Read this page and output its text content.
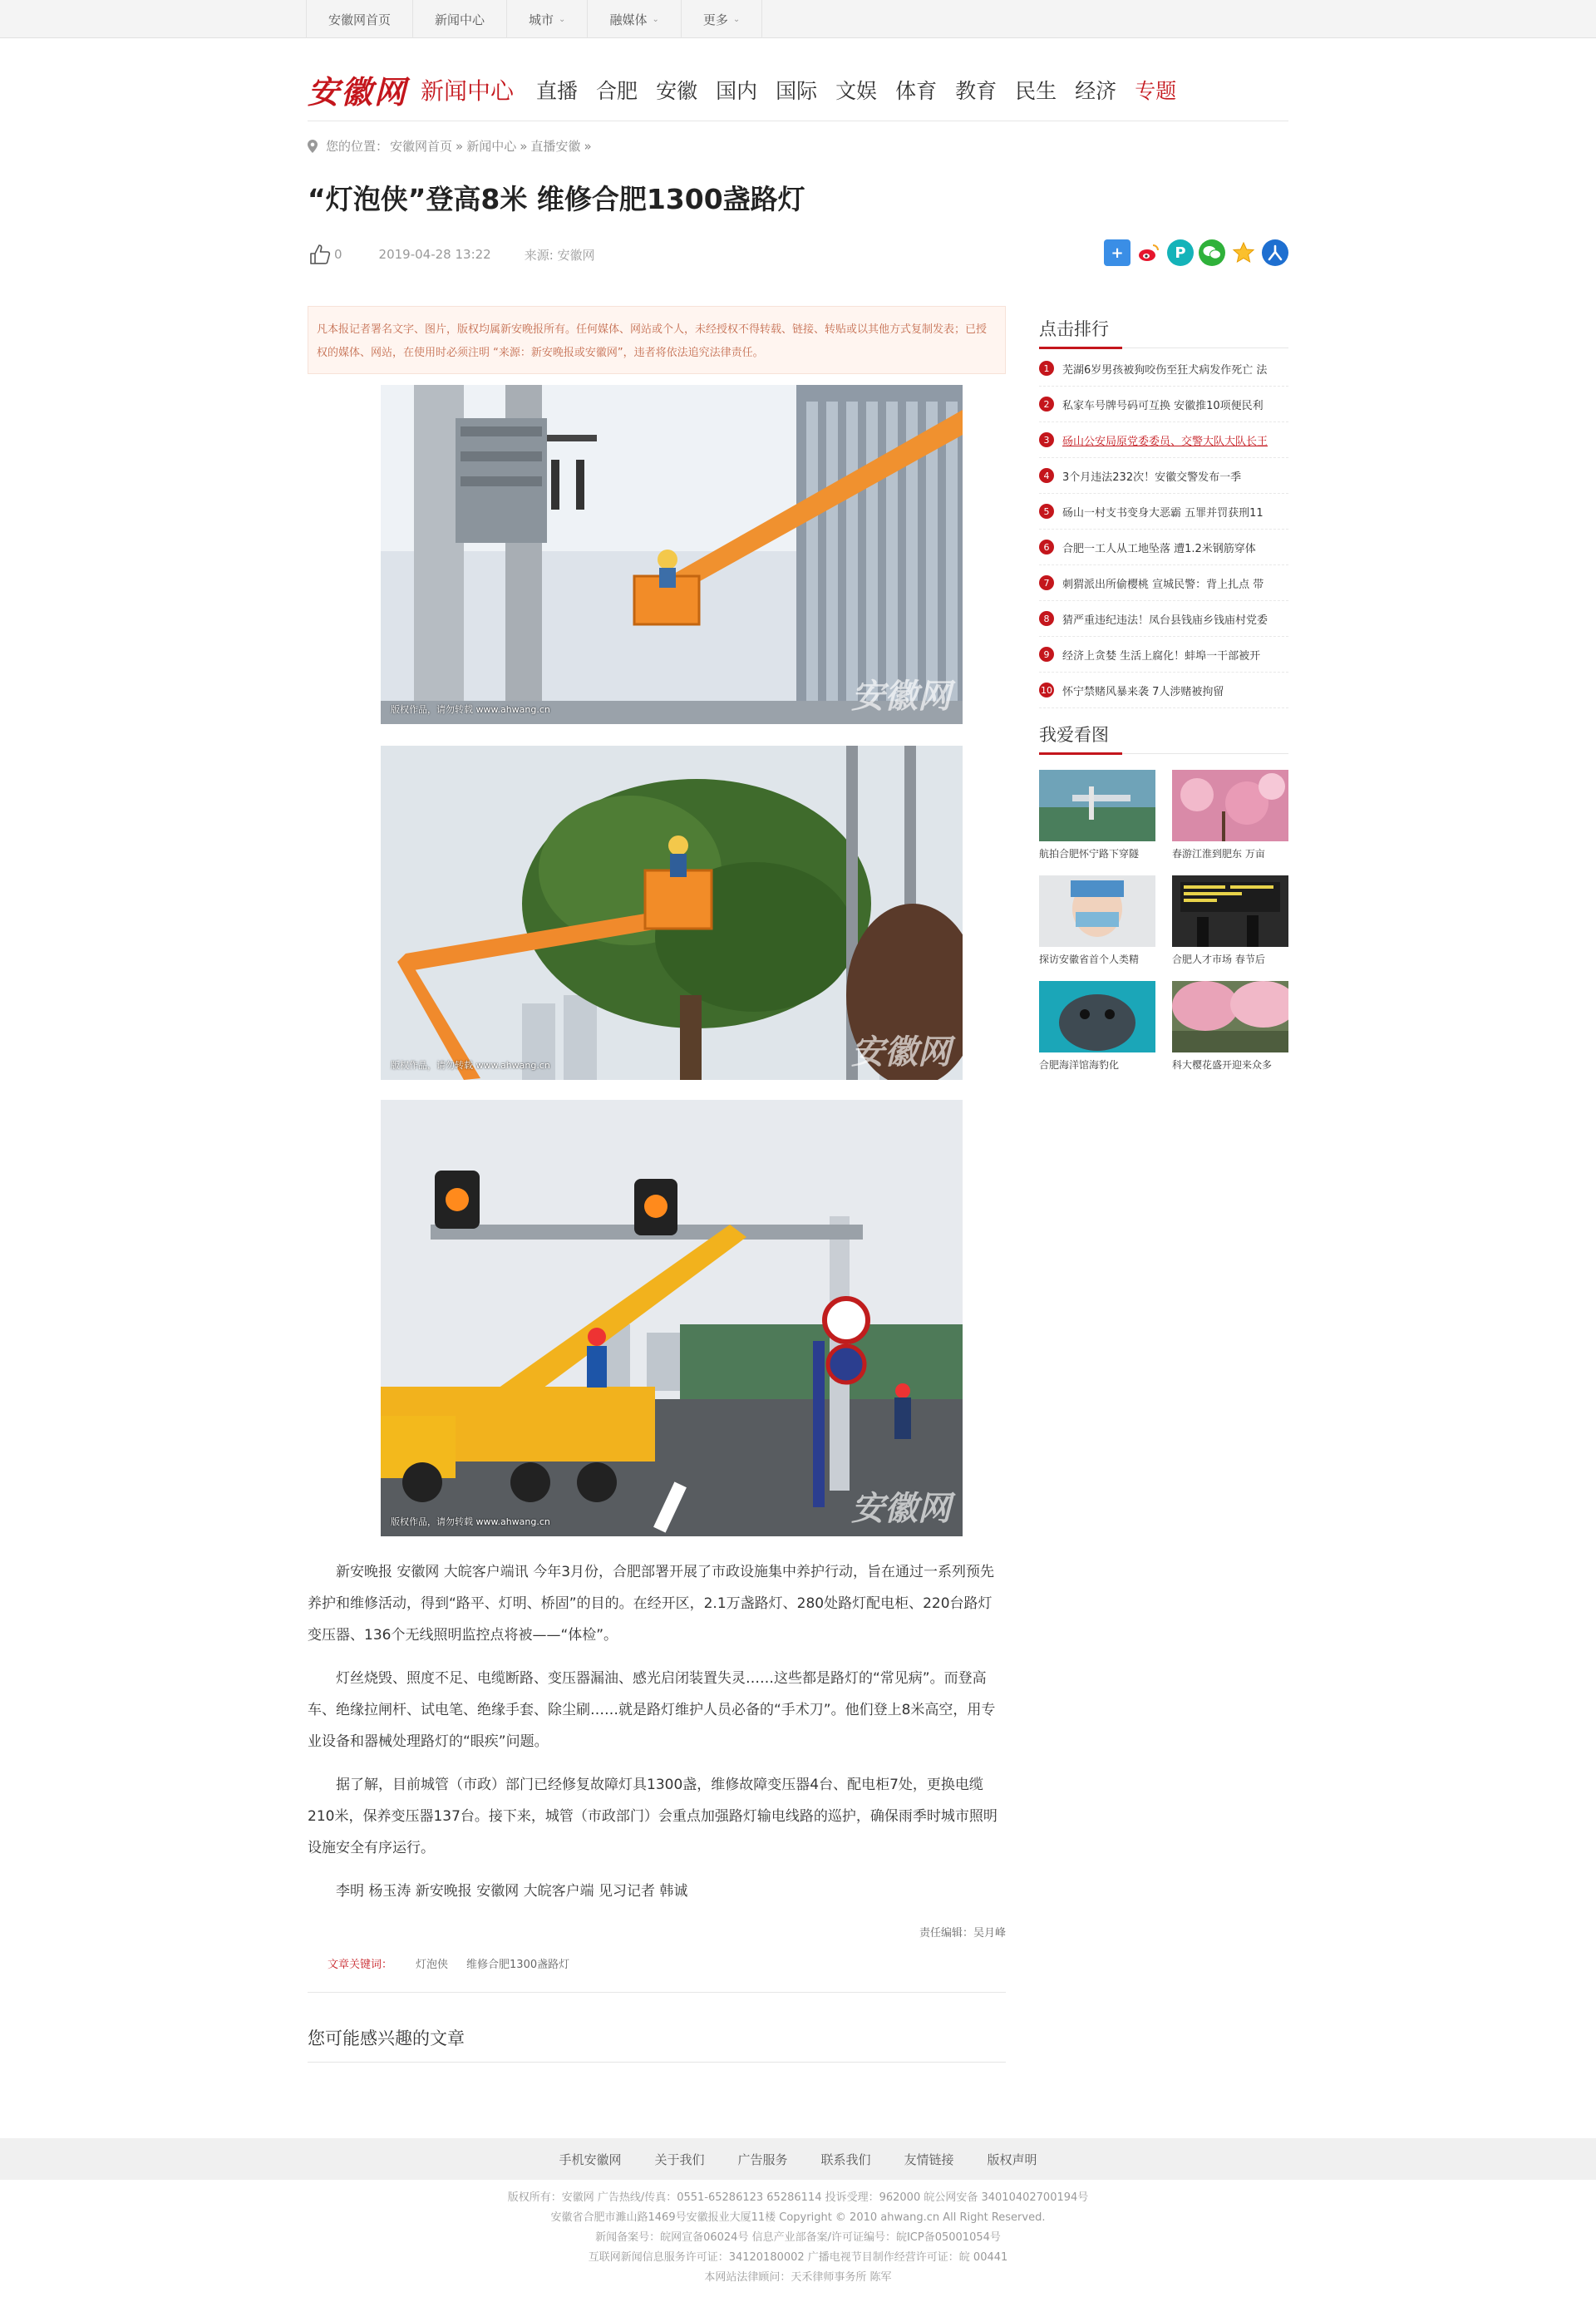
安徽网首页	新闻中心	城市 ⌄	融媒体 ⌄	更多 ⌄
安徽网 新闻中心 直播 合肥 安徽 国内 国际 文娱 体育 教育 民生 经济 专题
您的位置： 安徽网首页 » 新闻中心 » 直播安徽 »
“灯泡侠”登高8米 维修合肥1300盏路灯
0	2019-04-28 13:22	来源: 安徽网	+	P
凡本报记者署名文字、图片，版权均属新安晚报所有。任何媒体、网站或个人，未经授权不得转载、链接、转贴或以其他方式复制发表；已授权的媒体、网站，在使用时必须注明 “来源：新安晚报或安徽网”，违者将依法追究法律责任。
版权作品，请勿转载 www.ahwang.cn	安徽网
版权作品，请勿转载 www.ahwang.cn	安徽网
版权作品，请勿转载 www.ahwang.cn	安徽网

新安晚报 安徽网 大皖客户端讯 今年3月份，合肥部署开展了市政设施集中养护行动，旨在通过一系列预先养护和维修活动，得到“路平、灯明、桥固”的目的。在经开区，2.1万盏路灯、280处路灯配电柜、220台路灯变压器、136个无线照明监控点将被——“体检”。

灯丝烧毁、照度不足、电缆断路、变压器漏油、感光启闭装置失灵……这些都是路灯的“常见病”。而登高车、绝缘拉闸杆、试电笔、绝缘手套、除尘刷……就是路灯维护人员必备的“手术刀”。他们登上8米高空，用专业设备和器械处理路灯的“眼疾”问题。

据了解，目前城管（市政）部门已经修复故障灯具1300盏，维修故障变压器4台、配电柜7处，更换电缆210米，保养变压器137台。接下来，城管（市政部门）会重点加强路灯输电线路的巡护，确保雨季时城市照明设施安全有序运行。

李明 杨玉涛 新安晚报 安徽网 大皖客户端 见习记者 韩诚

责任编辑：吴月峰
文章关键词： 灯泡侠 维修合肥1300盏路灯
您可能感兴趣的文章
点击排行
1	芜湖6岁男孩被狗咬伤至狂犬病发作死亡 法
2	私家车号牌号码可互换 安徽推10项便民利
3	砀山公安局原党委委员、交警大队大队长王
4	3个月违法232次！安徽交警发布一季
5	砀山一村支书变身大恶霸 五罪并罚获刑11
6	合肥一工人从工地坠落 遭1.2米钢筋穿体
7	刺猬派出所偷樱桃 宣城民警：背上扎点 带
8	猜严重违纪违法！凤台县钱庙乡钱庙村党委
9	经济上贪婪 生活上腐化！蚌埠一干部被开
10 怀宁禁赌风暴来袭 7人涉赌被拘留
我爱看图
航拍合肥怀宁路下穿隧	春游江淮到肥东 万亩
探访安徽省首个人类精	合肥人才市场 春节后
合肥海洋馆海豹化	科大樱花盛开迎来众多
手机安徽网	关于我们	广告服务	联系我们	友情链接	版权声明
版权所有：安徽网 广告热线/传真：0551-65286123 65286114 投诉受理：962000 皖公网安备 34010402700194号
安徽省合肥市濉山路1469号安徽报业大厦11楼 Copyright © 2010 ahwang.cn All Right Reserved.
新闻备案号：皖网宣备06024号 信息产业部备案/许可证编号：皖ICP备05001054号
互联网新闻信息服务许可证：34120180002 广播电视节目制作经营许可证：皖 00441
本网站法律顾问：天禾律师事务所 陈军
